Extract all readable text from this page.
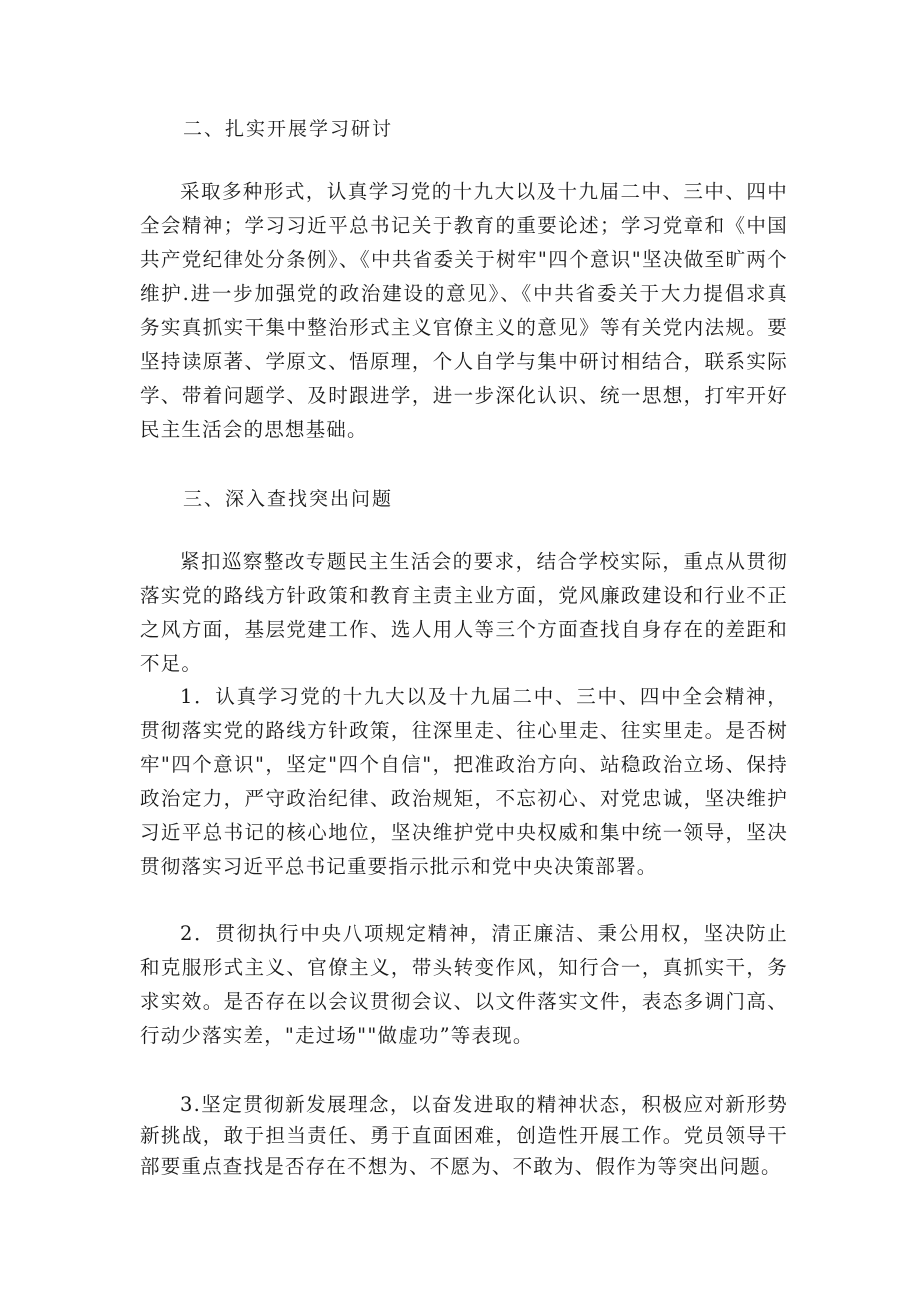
二、扎实开展学习研讨
采取多种形式，认真学习党的十九大以及十九届二中、三中、四中全会精神；学习习近平总书记关于教育的重要论述；学习党章和《中国共产党纪律处分条例》、《中共省委关于树牢"四个意识"坚决做至旷两个维护.进一步加强党的政治建设的意见》、《中共省委关于大力提倡求真务实真抓实干集中整治形式主义官僚主义的意见》等有关党内法规。要坚持读原著、学原文、悟原理，个人自学与集中研讨相结合，联系实际学、带着问题学、及时跟进学，进一步深化认识、统一思想，打牢开好民主生活会的思想基础。
三、深入查找突出问题
紧扣巡察整改专题民主生活会的要求，结合学校实际，重点从贯彻落实党的路线方针政策和教育主责主业方面，党风廉政建设和行业不正之风方面，基层党建工作、选人用人等三个方面查找自身存在的差距和不足。
1．认真学习党的十九大以及十九届二中、三中、四中全会精神，贯彻落实党的路线方针政策，往深里走、往心里走、往实里走。是否树牢"四个意识"，坚定"四个自信"，把准政治方向、站稳政治立场、保持政治定力，严守政治纪律、政治规矩，不忘初心、对党忠诚，坚决维护习近平总书记的核心地位，坚决维护党中央权威和集中统一领导，坚决贯彻落实习近平总书记重要指示批示和党中央决策部署。
2．贯彻执行中央八项规定精神，清正廉洁、秉公用权，坚决防止和克服形式主义、官僚主义，带头转变作风，知行合一，真抓实干，务求实效。是否存在以会议贯彻会议、以文件落实文件，表态多调门高、行动少落实差，"走过场""做虚功”等表现。
3.坚定贯彻新发展理念，以奋发进取的精神状态，积极应对新形势新挑战，敢于担当责任、勇于直面困难，创造性开展工作。党员领导干部要重点查找是否存在不想为、不愿为、不敢为、假作为等突出问题。
